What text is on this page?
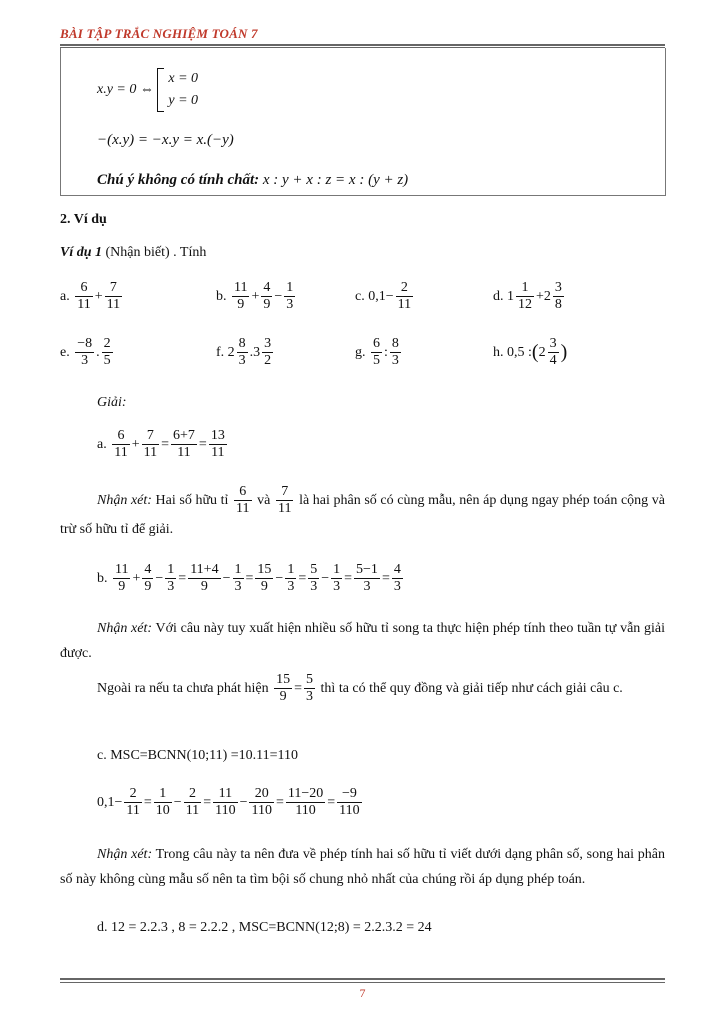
BÀI TẬP TRẮC NGHIỆM TOÁN 7
x.y = 0 ⇔
x = 0
y = 0
−(x.y) = −x.y = x.(−y)
Chú ý không có tính chất: x : y + x : z = x : (y + z)
2. Ví dụ
Ví dụ 1 (Nhận biết) . Tính
a. $\frac{6}{11} + \frac{7}{11}$	b. $\frac{11}{9} + \frac{4}{9} - \frac{1}{3}$	c. $0,1- \frac{2}{11}$	d. $1 \frac{1}{12} +2 \frac{3}{8}$
e. $\frac{-8}{3}$ . $\frac{2}{5}$	f. $2 \frac{8}{3} .3 \frac{3}{2}$	g. $\frac{6}{5}$ : $\frac{8}{3}$	h. 0,5 :(2 $\frac{3}{4}$ )
Giải:
a. $\frac{6}{11} + \frac{7}{11} = \frac{6+7}{11} = \frac{13}{11}$
Nhận xét: Hai số hữu tỉ $\frac{6}{11}$ và $\frac{7}{11}$ là hai phân số có cùng mẫu, nên áp dụng ngay phép toán cộng và trừ số hữu tỉ để giải.
b. $\frac{11}{9} + \frac{4}{9} - \frac{1}{3} = \frac{11+4}{9} - \frac{1}{3} = \frac{15}{9} - \frac{1}{3} = \frac{5}{3} - \frac{1}{3} = \frac{5-1}{3} = \frac{4}{3}$
Nhận xét: Với câu này tuy xuất hiện nhiều số hữu tỉ song ta thực hiện phép tính theo tuần tự vẫn giải được.
Ngoài ra nếu ta chưa phát hiện $\frac{15}{9} = \frac{5}{3}$ thì ta có thể quy đồng và giải tiếp như cách giải câu c.
c. MSC=BCNN(10;11) =10.11=110
$0,1- \frac{2}{11} = \frac{1}{10} - \frac{2}{11} = \frac{11}{110} - \frac{20}{110} = \frac{11-20}{110} = \frac{-9}{110}$
Nhận xét: Trong câu này ta nên đưa về phép tính hai số hữu tỉ viết dưới dạng phân số, song hai phân số này không cùng mẫu số nên ta tìm bội số chung nhỏ nhất của chúng rồi áp dụng phép toán.
d. 12 = 2.2.3 , 8 = 2.2.2 , MSC=BCNN(12;8) = 2.2.3.2 = 24
7
